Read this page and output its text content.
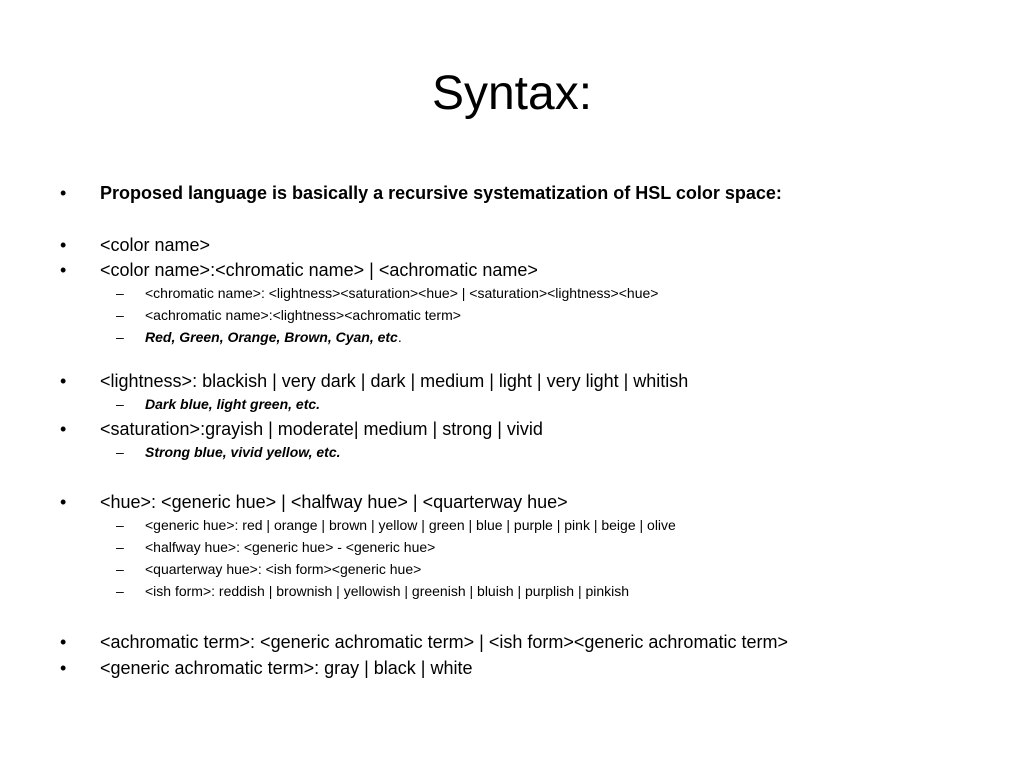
Syntax:
• Proposed language is basically a recursive systematization of HSL color space:
• <color name>
• <color name>:<chromatic name> | <achromatic name>
– <chromatic name>: <lightness><saturation><hue> | <saturation><lightness><hue>
– <achromatic name>:<lightness><achromatic term>
– Red, Green, Orange, Brown, Cyan, etc.
• <lightness>: blackish | very dark | dark | medium | light | very light | whitish
– Dark blue, light green, etc.
• <saturation>:grayish | moderate| medium | strong | vivid
– Strong blue, vivid yellow, etc.
• <hue>: <generic hue> | <halfway hue> | <quarterway hue>
– <generic hue>: red | orange | brown | yellow | green | blue | purple | pink | beige | olive
– <halfway hue>: <generic hue> - <generic hue>
– <quarterway hue>: <ish form><generic hue>
– <ish form>: reddish | brownish | yellowish | greenish | bluish | purplish | pinkish
• <achromatic term>: <generic achromatic term> | <ish form><generic achromatic term>
• <generic achromatic term>: gray | black | white
